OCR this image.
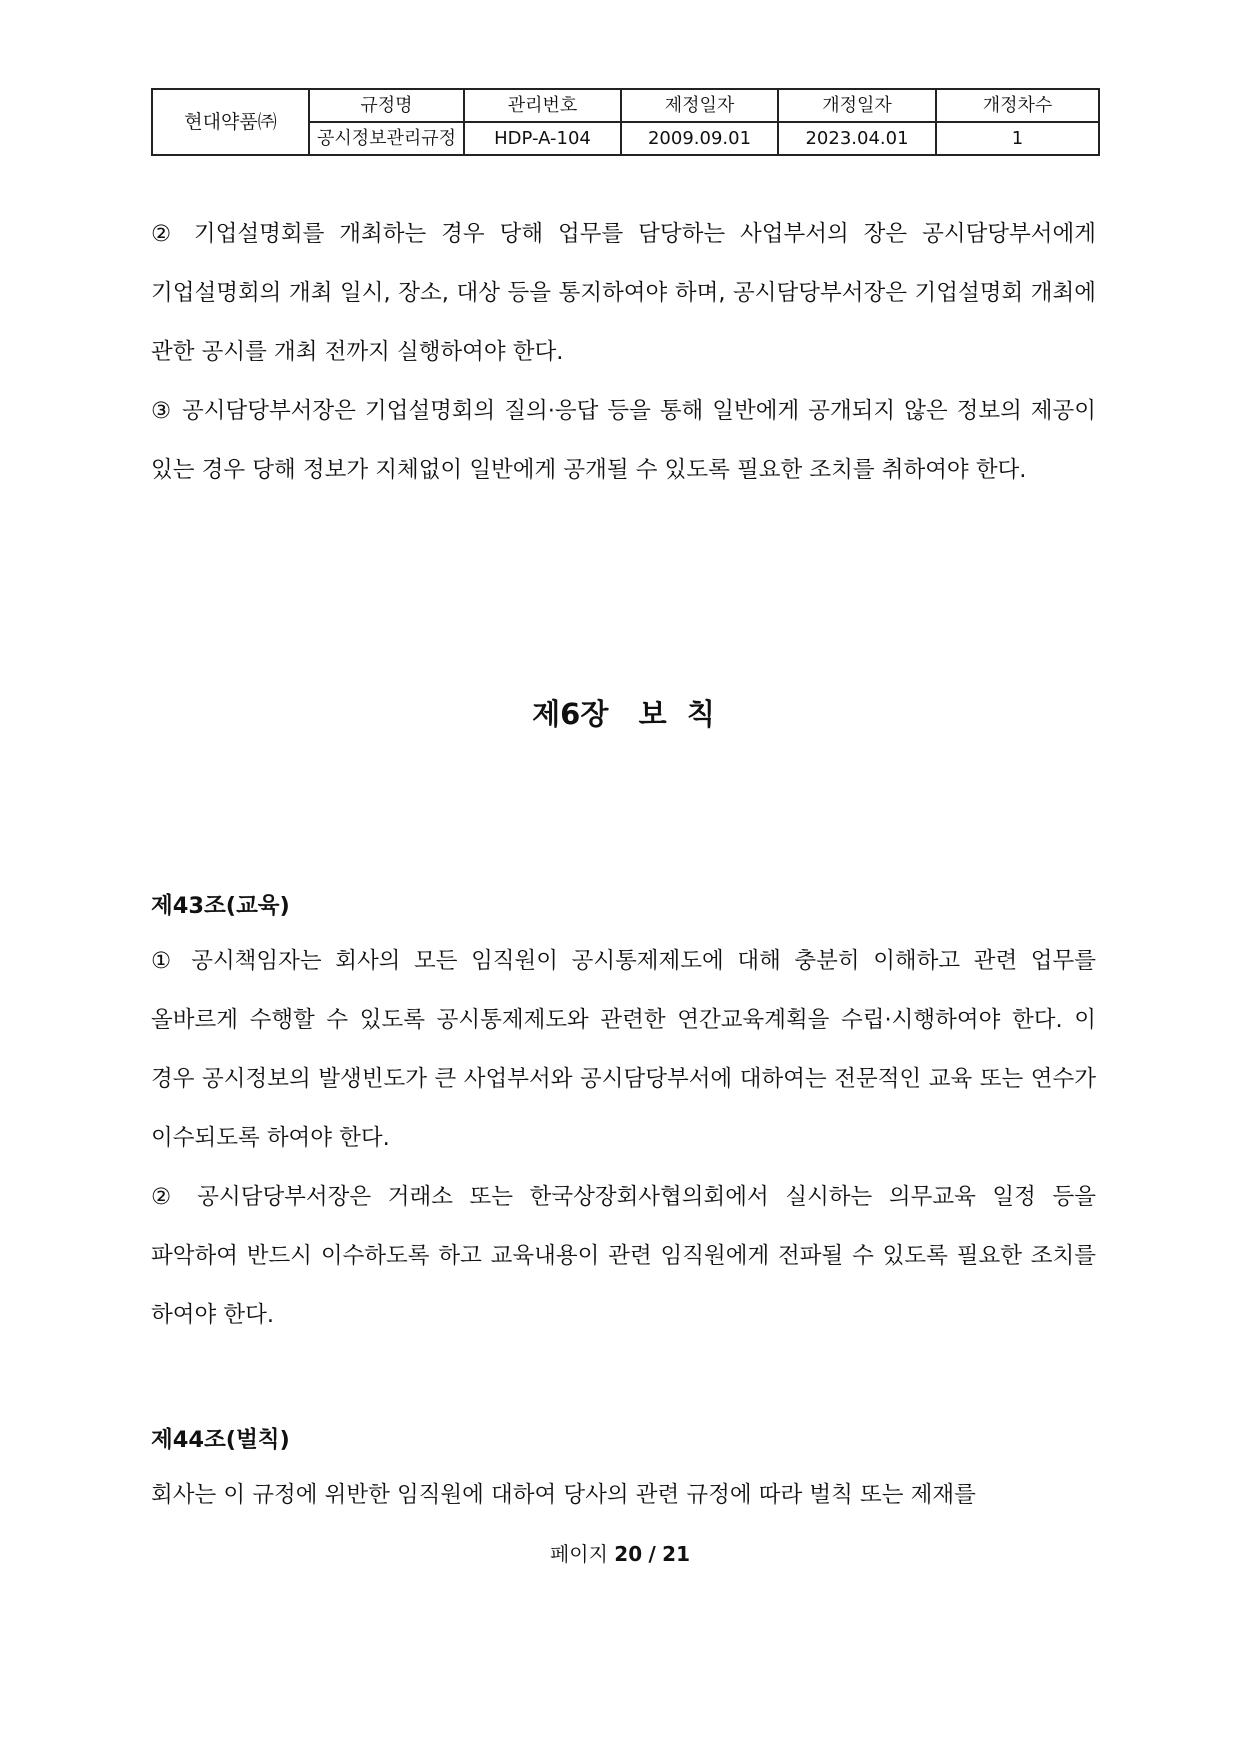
현대약품㈜	규정명	관리번호	제정일자	개정일자	개정차수
	공시정보관리규정	HDP-A-104	2009.09.01	2023.04.01	1
② 기업설명회를 개최하는 경우 당해 업무를 담당하는 사업부서의 장은 공시담당부서에게 기업설명회의 개최 일시, 장소, 대상 등을 통지하여야 하며, 공시담당부서장은 기업설명회 개최에 관한 공시를 개최 전까지 실행하여야 한다.
③ 공시담당부서장은 기업설명회의 질의·응답 등을 통해 일반에게 공개되지 않은 정보의 제공이 있는 경우 당해 정보가 지체없이 일반에게 공개될 수 있도록 필요한 조치를 취하여야 한다.
제6장   보  칙
제43조(교육)
① 공시책임자는 회사의 모든 임직원이 공시통제제도에 대해 충분히 이해하고 관련 업무를 올바르게 수행할 수 있도록 공시통제제도와 관련한 연간교육계획을 수립·시행하여야 한다. 이 경우 공시정보의 발생빈도가 큰 사업부서와 공시담당부서에 대하여는 전문적인 교육 또는 연수가 이수되도록 하여야 한다.
② 공시담당부서장은 거래소 또는 한국상장회사협의회에서 실시하는 의무교육 일정 등을 파악하여 반드시 이수하도록 하고 교육내용이 관련 임직원에게 전파될 수 있도록 필요한 조치를 하여야 한다.
제44조(벌칙)
회사는 이 규정에 위반한 임직원에 대하여 당사의 관련 규정에 따라 벌칙 또는 제재를
페이지 20 / 21
